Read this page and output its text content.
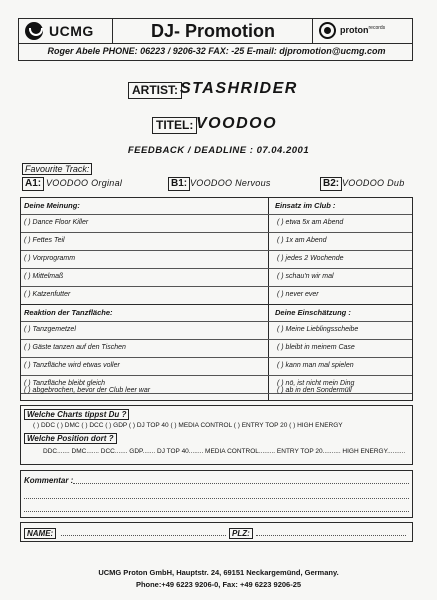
UCMG	DJ- Promotion	proton$^{records}$
Roger Abele PHONE: 06223 / 9206-32 FAX: -25 E-mail: djpromotion@ucmg.com
ARTIST: STASHRIDER
TITEL: VOODOO
FEEDBACK / DEADLINE : 07.04.2001
Favourite Track:
A1: VOODOO Orginal	B1: VOODOO Nervous	B2: VOODOO Dub
Deine Meinung:	Einsatz im Club :
( ) Dance Floor Killer	( ) etwa 5x am Abend
( ) Fettes Teil	( ) 1x am Abend
( ) Vorprogramm	( ) jedes 2 Wochende
( ) Mittelmaß	( ) schau'n wir mal
( ) Katzenfutter	( ) never ever
Reaktion der Tanzfläche:	Deine Einschätzung :
( ) Tanzgemetzel	( ) Meine Lieblingsscheibe
( ) Gäste tanzen auf den Tischen	( ) bleibt in meinem Case
( ) Tanzfläche wird etwas voller	( ) kann man mal spielen
( ) Tanzfläche bleibt gleich	( ) nö, ist nicht mein Ding
( ) abgebrochen, bevor der Club leer war	( ) ab in den Sondermüll
Welche Charts tippst Du ?
( ) DDC ( ) DMC ( ) DCC ( ) GDP ( ) DJ TOP 40 ( ) MEDIA CONTROL ( ) ENTRY TOP 20 ( ) HIGH ENERGY
Welche Position dort ?
DDC....... DMC....... DCC....... GDP....... DJ TOP 40........ MEDIA CONTROL......... ENTRY TOP 20.......... HIGH ENERGY..........
Kommentar :
NAME:	PLZ:
UCMG Proton GmbH, Hauptstr. 24, 69151 Neckargemünd, Germany.
Phone:+49 6223 9206-0, Fax: +49 6223 9206-25
